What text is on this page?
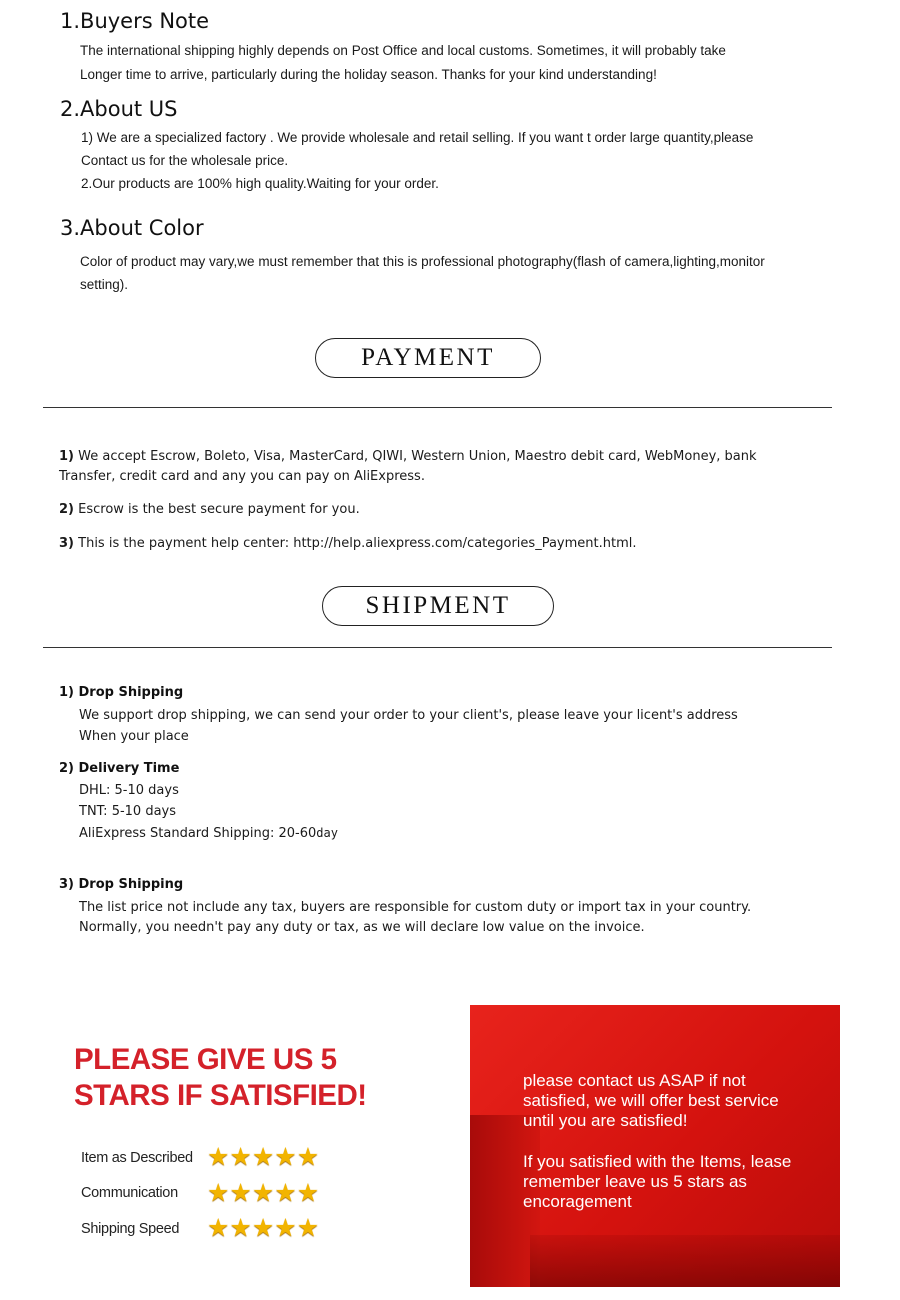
1.Buyers Note
The international shipping highly depends on Post Office and local customs. Sometimes, it will probably take
Longer time to arrive, particularly during the holiday season. Thanks for your kind understanding!
2.About US
1) We are a specialized factory . We provide wholesale and retail selling. If you want t order large quantity,please
Contact us for the wholesale price.
2.Our products are 100% high quality.Waiting for your order.
3.About Color
Color of product may vary,we must remember that this is professional photography(flash of camera,lighting,monitor
setting).
PAYMENT
1) We accept Escrow, Boleto, Visa, MasterCard, QIWI, Western Union, Maestro debit card, WebMoney, bank
Transfer, credit card and any you can pay on AliExpress.
2) Escrow is the best secure payment for you.
3) This is the payment help center: http://help.aliexpress.com/categories_Payment.html.
SHIPMENT
1) Drop Shipping
We support drop shipping, we can send your order to your client's, please leave your licent's address
When your place
2) Delivery Time
DHL: 5-10 days
TNT: 5-10 days
AliExpress Standard Shipping: 20-60day
3) Drop Shipping
The list price not include any tax, buyers are responsible for custom duty or import tax in your country.
Normally, you needn't pay any duty or tax, as we will declare low value on the invoice.
PLEASE GIVE US 5
STARS IF SATISFIED!
Item as Described ★★★★★
Communication ★★★★★
Shipping Speed ★★★★★
please contact us ASAP if not
satisfied, we will offer best service
until you are satisfied!
If you satisfied with the Items, lease
remember leave us 5 stars as
encoragement
